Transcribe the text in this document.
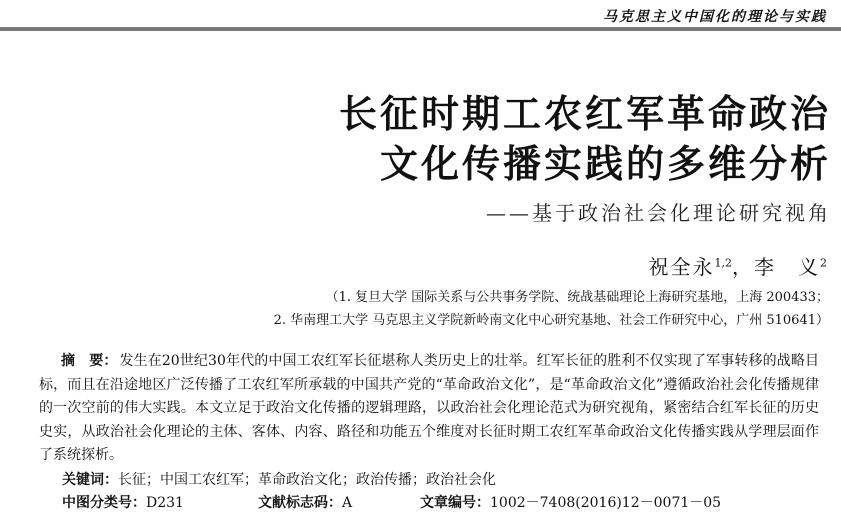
马克思主义中国化的理论与实践
长征时期工农红军革命政治
文化传播实践的多维分析
——基于政治社会化理论研究视角
祝全永$^{1,2}$，李　义$^2$
（1. 复旦大学 国际关系与公共事务学院、统战基础理论上海研究基地，上海 200433；
2. 华南理工大学 马克思主义学院新岭南文化中心研究基地、社会工作研究中心，广州 510641）
摘　要： 发生在20世纪30年代的中国工农红军长征堪称人类历史上的壮举。红军长征的胜利不仅实现了军事转移的战略目标，而且在沿途地区广泛传播了工农红军所承载的中国共产党的“革命政治文化”，是“革命政治文化”遵循政治社会化传播规律的一次空前的伟大实践。本文立足于政治文化传播的逻辑理路，以政治社会化理论范式为研究视角，紧密结合红军长征的历史史实，从政治社会化理论的主体、客体、内容、路径和功能五个维度对长征时期工农红军革命政治文化传播实践从学理层面作了系统探析。
关键词：长征；中国工农红军；革命政治文化；政治传播；政治社会化
中图分类号：D231	文献标志码：A	文章编号：1002－7408(2016)12－0071－05
